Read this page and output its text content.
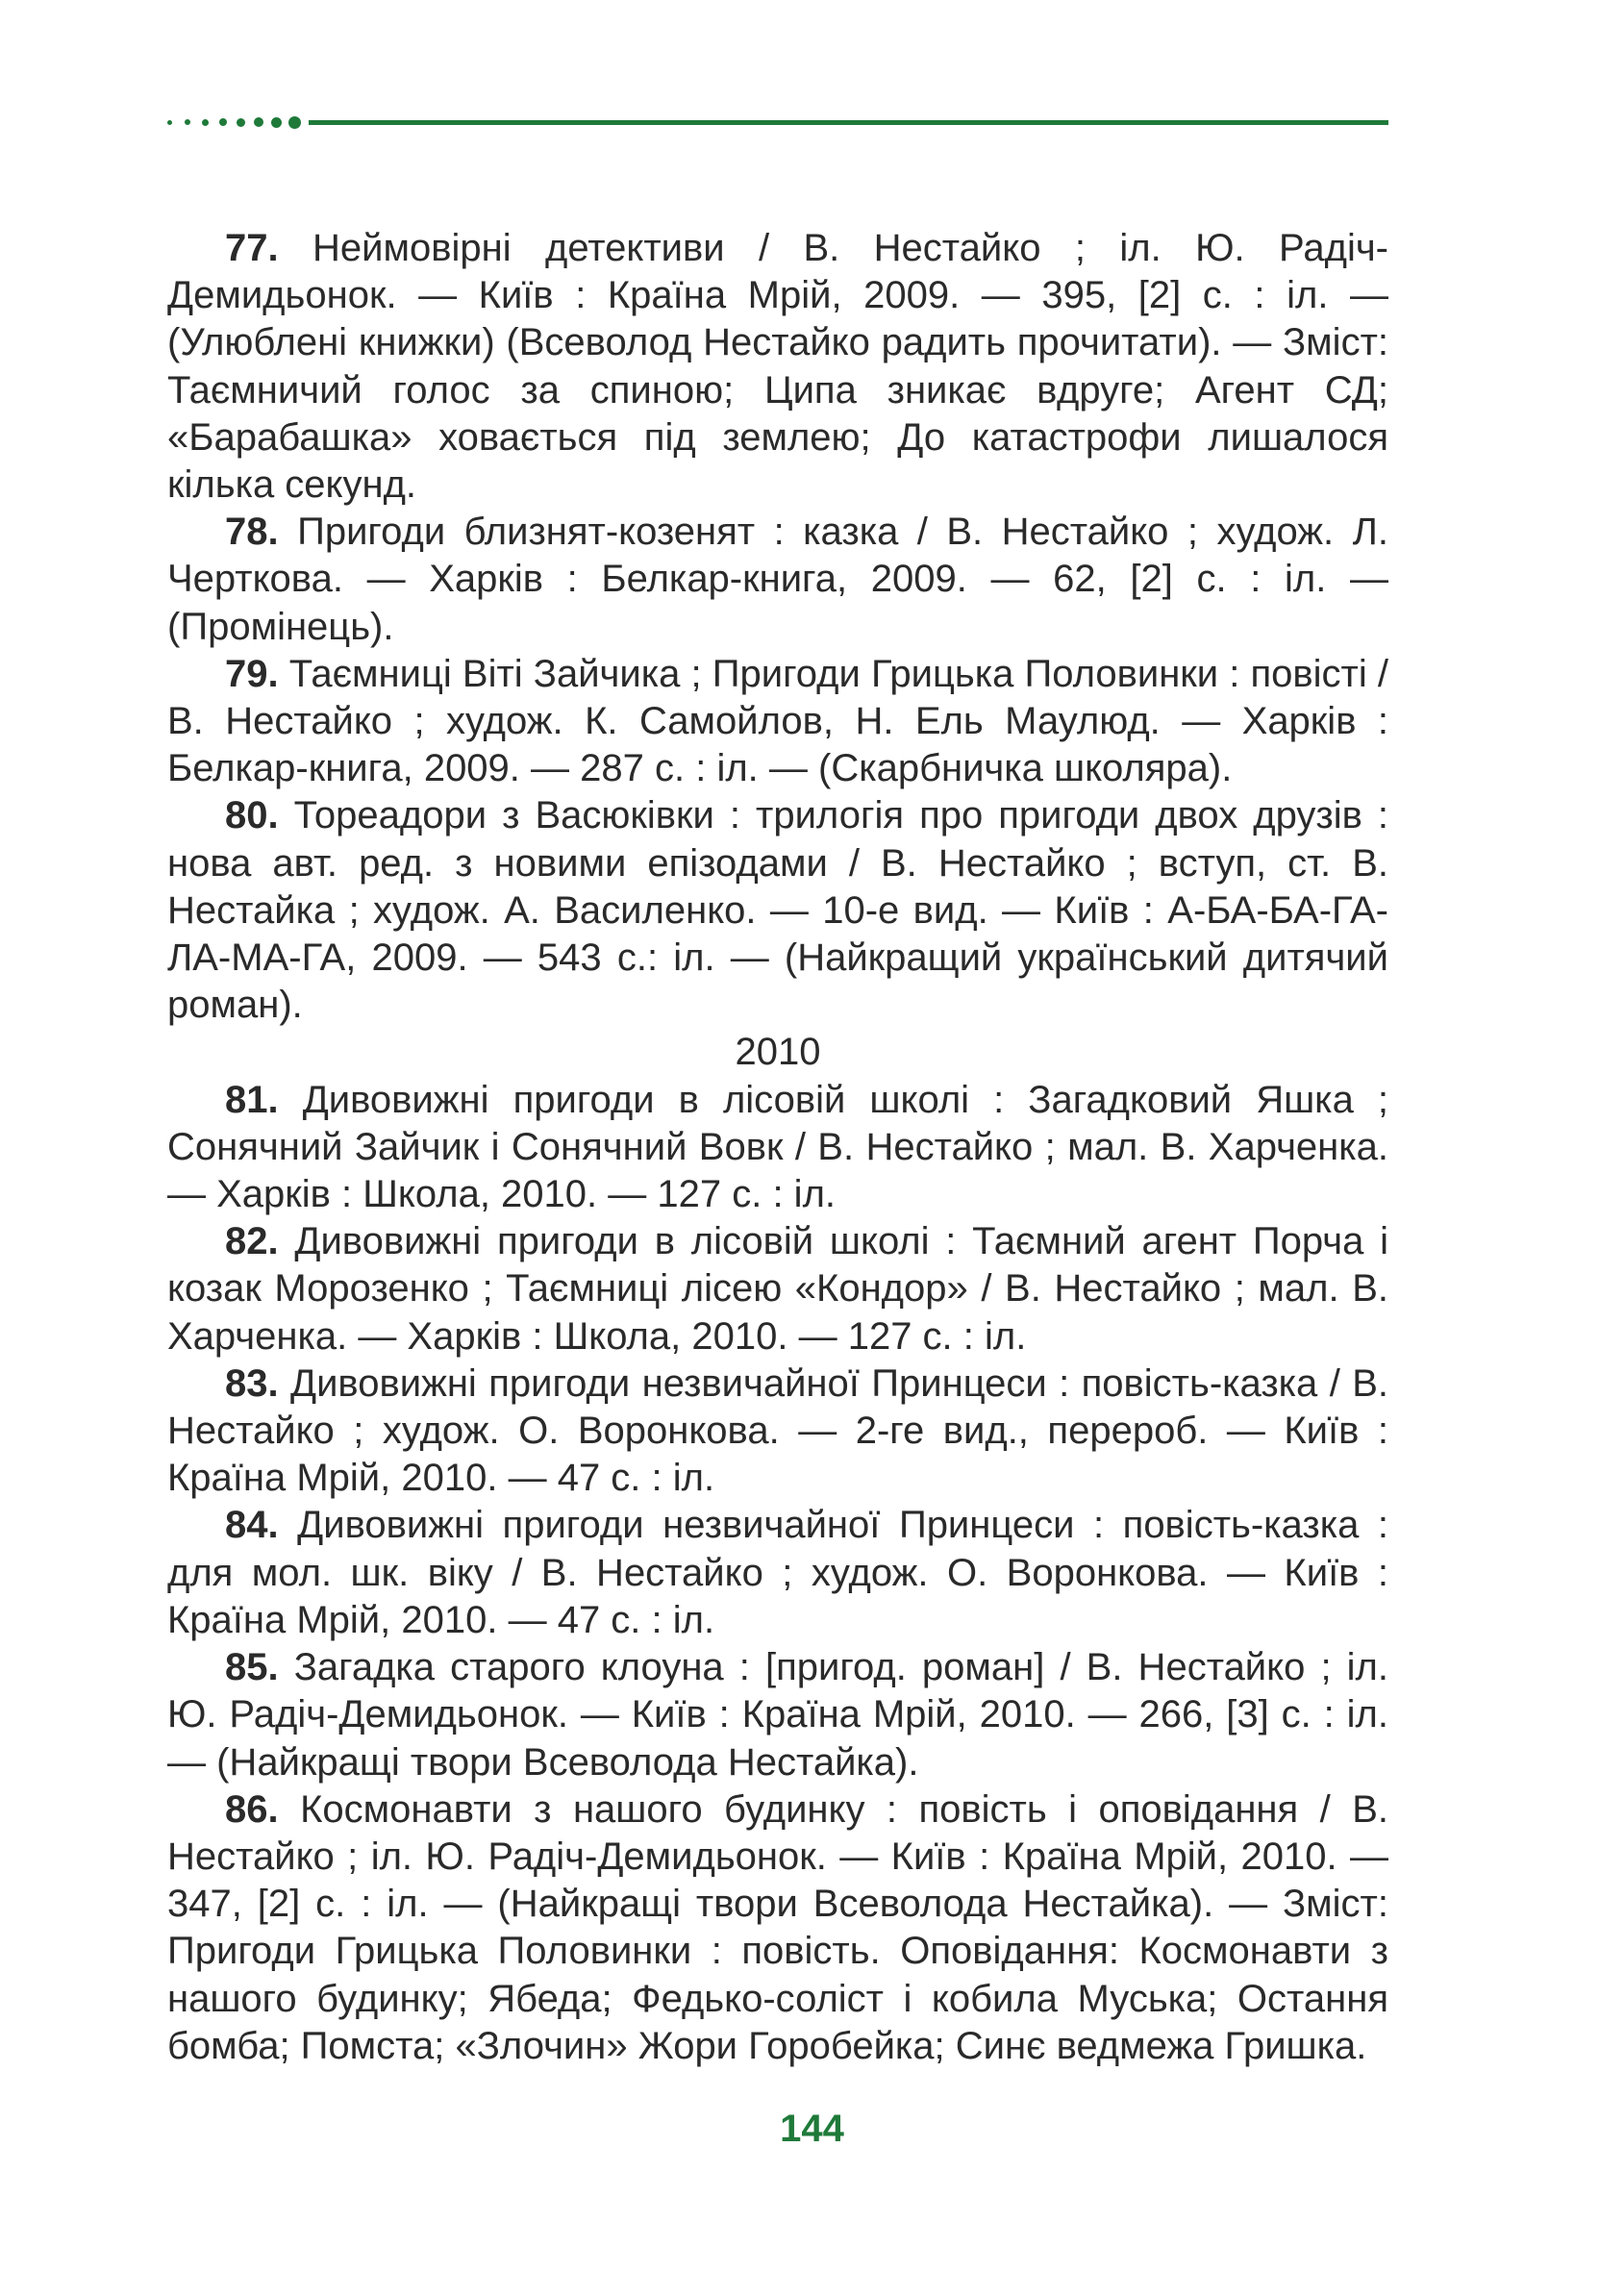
77. Неймовірні детективи / В. Нестайко ; іл. Ю. Радіч-Демидьонок. — Київ : Країна Мрій, 2009. — 395, [2] с. : іл. — (Улюблені книжки) (Всеволод Нестайко радить прочитати). — Зміст: Таємничий голос за спиною; Ципа зникає вдруге; Агент СД; «Барабашка» ховається під землею; До катастрофи лишалося кілька секунд.

78. Пригоди близнят-козенят : казка / В. Нестайко ; худож. Л. Черткова. — Харків : Белкар-книга, 2009. — 62, [2] с. : іл. — (Промінець).

79. Таємниці Віті Зайчика ; Пригоди Грицька Половинки : повісті / В. Нестайко ; худож. К. Самойлов, Н. Ель Маулюд. — Харків : Белкар-книга, 2009. — 287 с. : іл. — (Скарбничка школяра).

80. Тореадори з Васюківки : трилогія про пригоди двох друзів : нова авт. ред. з новими епізодами / В. Нестайко ; вступ, ст. В. Нестайка ; худож. А. Василенко. — 10-е вид. — Київ : А-БА-БА-ГА-ЛА-МА-ГА, 2009. — 543 с.: іл. — (Найкращий український дитячий роман).

2010

81. Дивовижні пригоди в лісовій школі : Загадковий Яшка ; Сонячний Зайчик і Сонячний Вовк / В. Нестайко ; мал. В. Харченка. — Харків : Школа, 2010. — 127 с. : іл.

82. Дивовижні пригоди в лісовій школі : Таємний агент Порча і козак Морозенко ; Таємниці лісею «Кондор» / В. Нестайко ; мал. В. Харченка. — Харків : Школа, 2010. — 127 с. : іл.

83. Дивовижні пригоди незвичайної Принцеси : повість-казка / В. Нестайко ; худож. О. Воронкова. — 2-ге вид., перероб. — Київ : Країна Мрій, 2010. — 47 с. : іл.

84. Дивовижні пригоди незвичайної Принцеси : повість-казка : для мол. шк. віку / В. Нестайко ; худож. О. Воронкова. — Київ : Країна Мрій, 2010. — 47 с. : іл.

85. Загадка старого клоуна : [пригод. роман] / В. Нестайко ; іл. Ю. Радіч-Демидьонок. — Київ : Країна Мрій, 2010. — 266, [3] с. : іл. — (Найкращі твори Всеволода Нестайка).

86. Космонавти з нашого будинку : повість і оповідання / В. Нестайко ; іл. Ю. Радіч-Демидьонок. — Київ : Країна Мрій, 2010. — 347, [2] с. : іл. — (Найкращі твори Всеволода Нестайка). — Зміст: Пригоди Грицька Половинки : повість. Оповідання: Космонавти з нашого будинку; Ябеда; Федько-соліст і кобила Муська; Остання бомба; Помста; «Злочин» Жори Горобейка; Синє ведмежа Гришка.

144
